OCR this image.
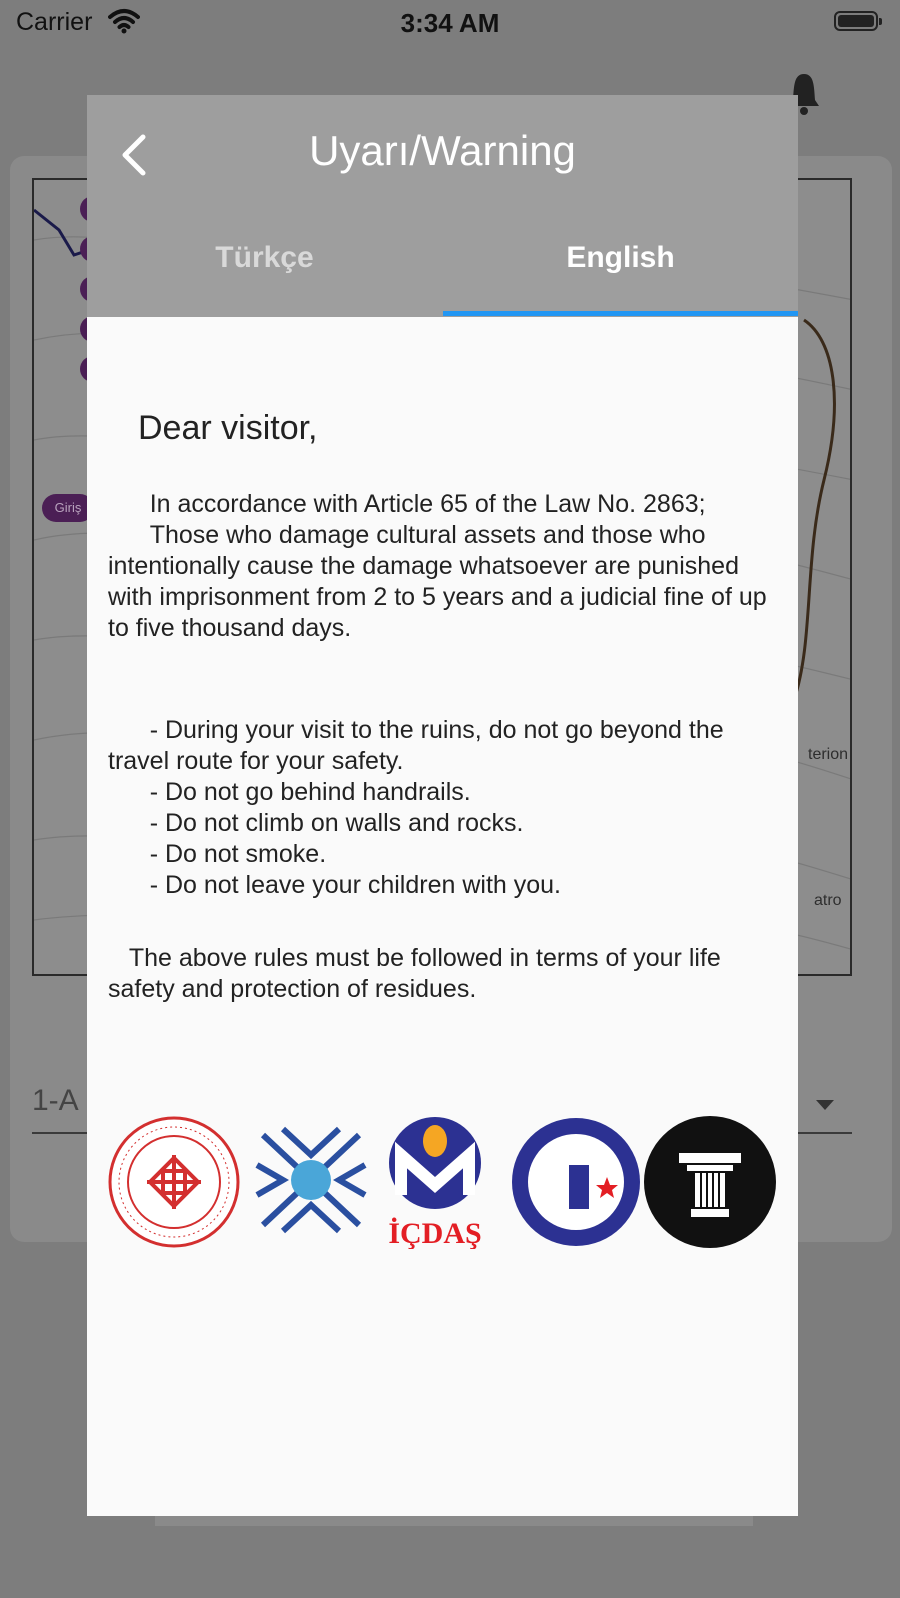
Carrier	3:34 AM
terion
atro
Giriş
1-A
Uyarı/Warning
Türkçe	English
Dear visitor,
In accordance with Article 65 of the Law No. 2863;
Those who damage cultural assets and those who intentionally cause the damage whatsoever are punished with imprisonment from 2 to 5 years and a judicial fine of up to five thousand days.
- During your visit to the ruins, do not go beyond the travel route for your safety.
- Do not go behind handrails.
- Do not climb on walls and rocks.
- Do not smoke.
- Do not leave your children with you.
The above rules must be followed in terms of your life safety and protection of residues.
İÇDAŞ
